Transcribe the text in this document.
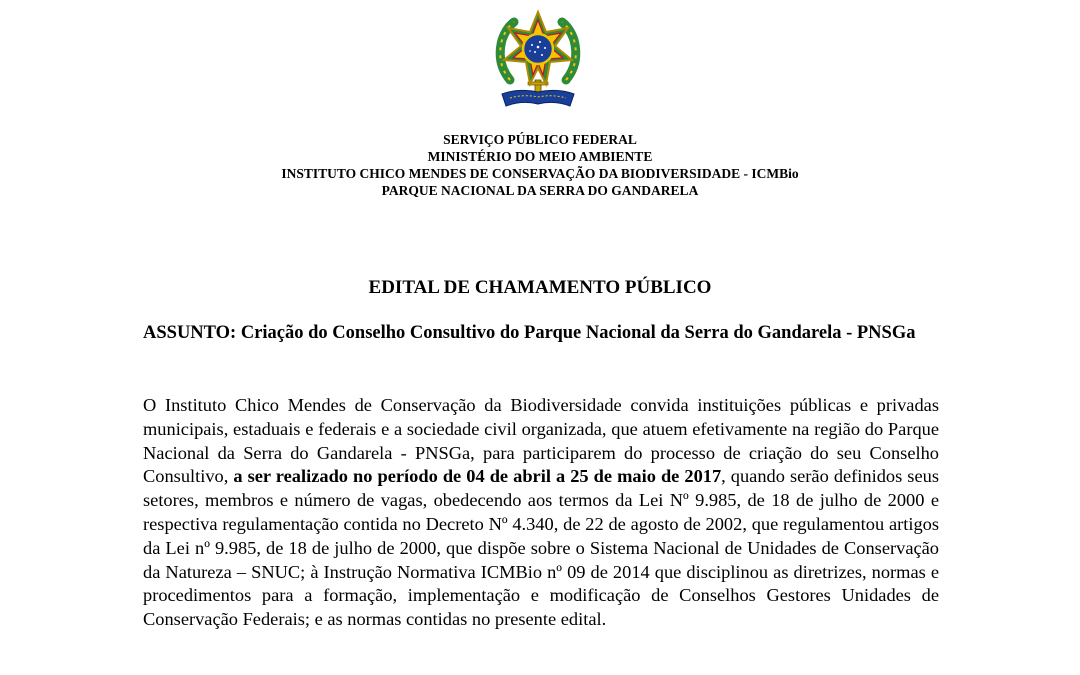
SERVIÇO PÚBLICO FEDERAL
MINISTÉRIO DO MEIO AMBIENTE
INSTITUTO CHICO MENDES DE CONSERVAÇÃO DA BIODIVERSIDADE - ICMBio
PARQUE NACIONAL DA SERRA DO GANDARELA
EDITAL DE CHAMAMENTO PÚBLICO
ASSUNTO: Criação do Conselho Consultivo do Parque Nacional da Serra do Gandarela - PNSGa
O Instituto Chico Mendes de Conservação da Biodiversidade convida instituições públicas e privadas municipais, estaduais e federais e a sociedade civil organizada, que atuem efetivamente na região do Parque Nacional da Serra do Gandarela - PNSGa, para participarem do processo de criação do seu Conselho Consultivo, a ser realizado no período de 04 de abril a 25 de maio de 2017, quando serão definidos seus setores, membros e número de vagas, obedecendo aos termos da Lei Nº 9.985, de 18 de julho de 2000 e respectiva regulamentação contida no Decreto Nº 4.340, de 22 de agosto de 2002, que regulamentou artigos da Lei nº 9.985, de 18 de julho de 2000, que dispõe sobre o Sistema Nacional de Unidades de Conservação da Natureza – SNUC; à Instrução Normativa ICMBio nº 09 de 2014 que disciplinou as diretrizes, normas e procedimentos para a formação, implementação e modificação de Conselhos Gestores Unidades de Conservação Federais; e as normas contidas no presente edital.
